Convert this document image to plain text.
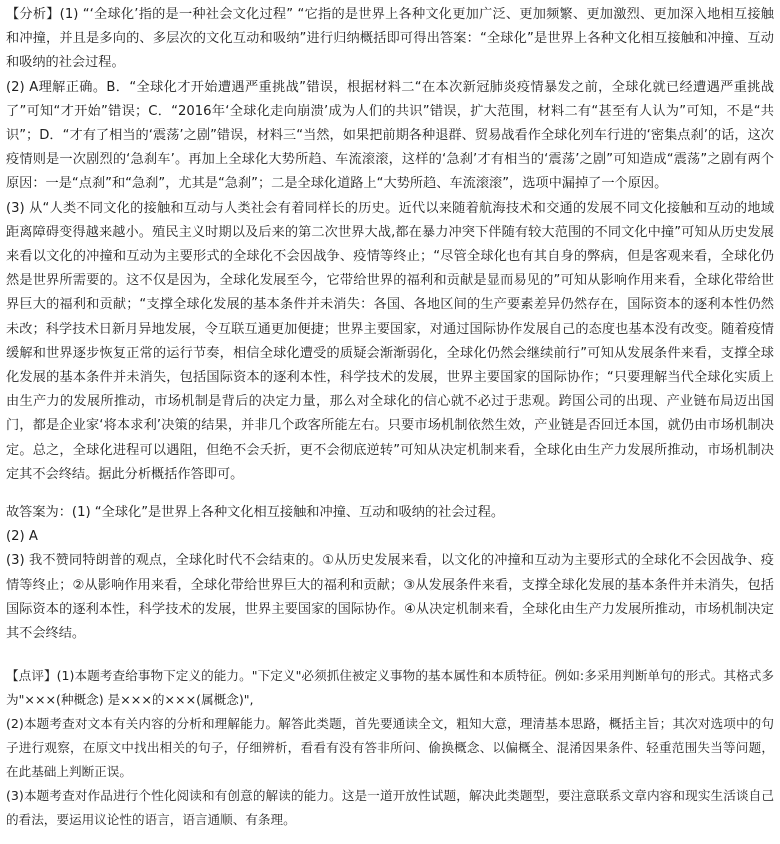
【分析】(1) “‘全球化’指的是一种社会文化过程” “它指的是世界上各种文化更加广泛、更加频繁、更加激烈、更加深入地相互接触和冲撞，并且是多向的、多层次的文化互动和吸纳”进行归纳概括即可得出答案：“全球化”是世界上各种文化相互接触和冲撞、互动和吸纳的社会过程。

(2) A理解正确。B．“全球化才开始遭遇严重挑战”错误，根据材料二“在本次新冠肺炎疫情暴发之前，全球化就已经遭遇严重挑战了”可知“才开始”错误；C．“2016年‘全球化走向崩溃’成为人们的共识”错误，扩大范围，材料二有“甚至有人认为”可知，不是“共识”；D．“才有了相当的‘震荡’之剧”错误，材料三“当然，如果把前期各种退群、贸易战看作全球化列车行进的‘密集点刹’的话，这次疫情则是一次剧烈的‘急刹车’。再加上全球化大势所趋、车流滚滚，这样的‘急刹’才有相当的‘震荡’之剧”可知造成“震荡”之剧有两个原因：一是“点刹”和“急刹”，尤其是“急刹”；二是全球化道路上“大势所趋、车流滚滚”，选项中漏掉了一个原因。

(3) 从“人类不同文化的接触和互动与人类社会有着同样长的历史。近代以来随着航海技术和交通的发展不同文化接触和互动的地域距离障碍变得越来越小。殖民主义时期以及后来的第二次世界大战,都在暴力冲突下伴随有较大范围的不同文化中撞”可知从历史发展来看以文化的冲撞和互动为主要形式的全球化不会因战争、疫情等终止；“尽管全球化也有其自身的弊病，但是客观来看，全球化仍然是世界所需要的。这不仅是因为，全球化发展至今，它带给世界的福利和贡献是显而易见的”可知从影响作用来看，全球化带给世界巨大的福利和贡献；“支撑全球化发展的基本条件并未消失：各国、各地区间的生产要素差异仍然存在，国际资本的逐利本性仍然未改；科学技术日新月异地发展，令互联互通更加便捷；世界主要国家，对通过国际协作发展自己的态度也基本没有改变。随着疫情缓解和世界逐步恢复正常的运行节奏，相信全球化遭受的质疑会渐渐弱化，全球化仍然会继续前行”可知从发展条件来看，支撑全球化发展的基本条件并未消失，包括国际资本的逐利本性，科学技术的发展，世界主要国家的国际协作；“只要理解当代全球化实质上由生产力的发展所推动，市场机制是背后的决定力量，那么对全球化的信心就不必过于悲观。跨国公司的出现、产业链布局迈出国门，都是企业家‘将本求利’决策的结果，并非几个政客所能左右。只要市场机制依然生效，产业链是否回迁本国，就仍由市场机制决定。总之，全球化进程可以遇阻，但绝不会夭折，更不会彻底逆转”可知从决定机制来看，全球化由生产力发展所推动，市场机制决定其不会终结。据此分析概括作答即可。

故答案为：(1) “全球化”是世界上各种文化相互接触和冲撞、互动和吸纳的社会过程。

(2) A

(3) 我不赞同特朗普的观点，全球化时代不会结束的。①从历史发展来看，以文化的冲撞和互动为主要形式的全球化不会因战争、疫情等终止；②从影响作用来看，全球化带给世界巨大的福利和贡献；③从发展条件来看，支撑全球化发展的基本条件并未消失，包括国际资本的逐利本性，科学技术的发展，世界主要国家的国际协作。④从决定机制来看，全球化由生产力发展所推动，市场机制决定其不会终结。

【点评】(1)本题考查给事物下定义的能力。"下定义"必须抓住被定义事物的基本属性和本质特征。例如:多采用判断单句的形式。其格式多为"×××(种概念) 是×××的×××(属概念)",

(2)本题考查对文本有关内容的分析和理解能力。解答此类题，首先要通读全文，粗知大意，理清基本思路，概括主旨；其次对选项中的句子进行观察，在原文中找出相关的句子，仔细辨析，看看有没有答非所问、偷换概念、以偏概全、混淆因果条件、轻重范围失当等问题，在此基础上判断正误。

(3)本题考查对作品进行个性化阅读和有创意的解读的能力。这是一道开放性试题，解决此类题型，要注意联系文章内容和现实生活谈自己的看法，要运用议论性的语言，语言通顺、有条理。
